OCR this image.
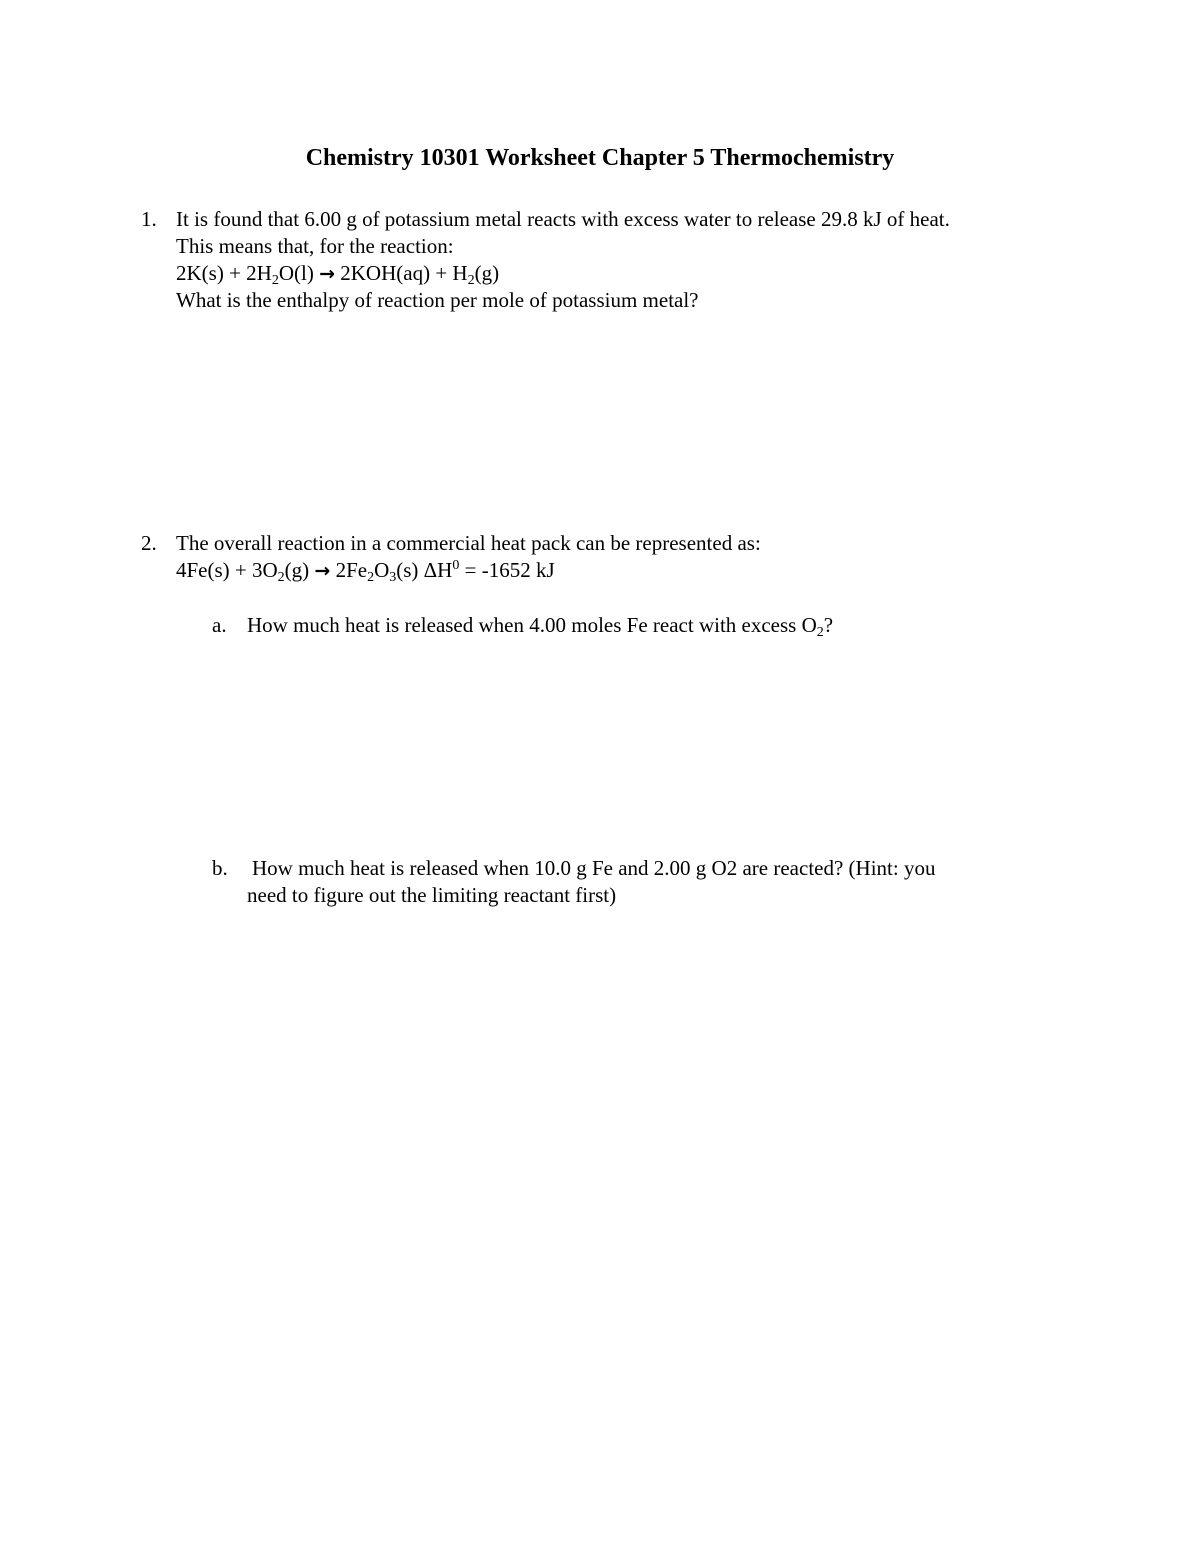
Chemistry 10301 Worksheet Chapter 5 Thermochemistry
1. It is found that 6.00 g of potassium metal reacts with excess water to release 29.8 kJ of heat.
This means that, for the reaction:
$2K(s) + 2H_2O(l) \to 2KOH(aq) + H_2(g)$
What is the enthalpy of reaction per mole of potassium metal?
2. The overall reaction in a commercial heat pack can be represented as:
$4Fe(s) + 3O_2(g) \to 2Fe_2O_3(s) \Delta H^0 = -1652$ kJ
a. How much heat is released when 4.00 moles Fe react with excess $O_2$?
b. How much heat is released when 10.0 g Fe and 2.00 g O2 are reacted? (Hint: you
need to figure out the limiting reactant first)
